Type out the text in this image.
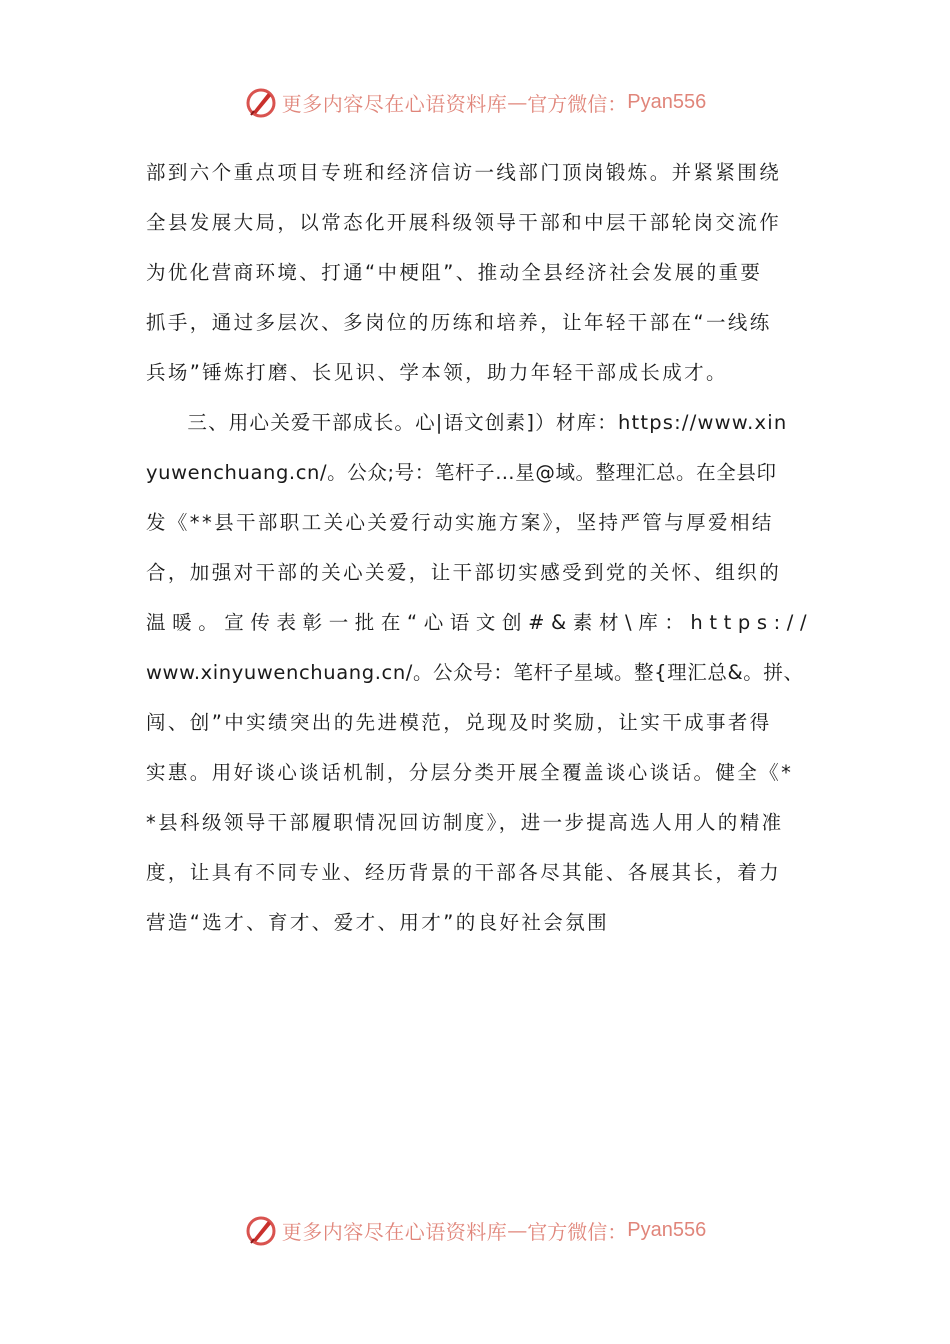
更多内容尽在心语资料库 — 官方微信： Pyan556
部到六个重点项目专班和经济信访一线部门顶岗锻炼。并紧紧围绕
全县发展大局，以常态化开展科级领导干部和中层干部轮岗交流作
为优化营商环境、打通“中梗阻”、推动全县经济社会发展的重要
抓手，通过多层次、多岗位的历练和培养，让年轻干部在“一线练
兵场”锤炼打磨、长见识、学本领，助力年轻干部成长成才。
　　三、用心关爱干部成长。心|语文创素]）材库：https://www.xin
yuwenchuang.cn/。公众;号：笔杆子…星@域。整理汇总。在全县印
发《**县干部职工关心关爱行动实施方案》，坚持严管与厚爱相结
合，加强对干部的关心关爱，让干部切实感受到党的关怀、组织的
温暖。宣传表彰一批在“心语文创#&素材\库：https://
www.xinyuwenchuang.cn/。公众号：笔杆子星域。整{理汇总&。拼、
闯、创”中实绩突出的先进模范，兑现及时奖励，让实干成事者得
实惠。用好谈心谈话机制，分层分类开展全覆盖谈心谈话。健全《*
*县科级领导干部履职情况回访制度》，进一步提高选人用人的精准
度，让具有不同专业、经历背景的干部各尽其能、各展其长，着力
营造“选才、育才、爱才、用才”的良好社会氛围
更多内容尽在心语资料库 — 官方微信： Pyan556
